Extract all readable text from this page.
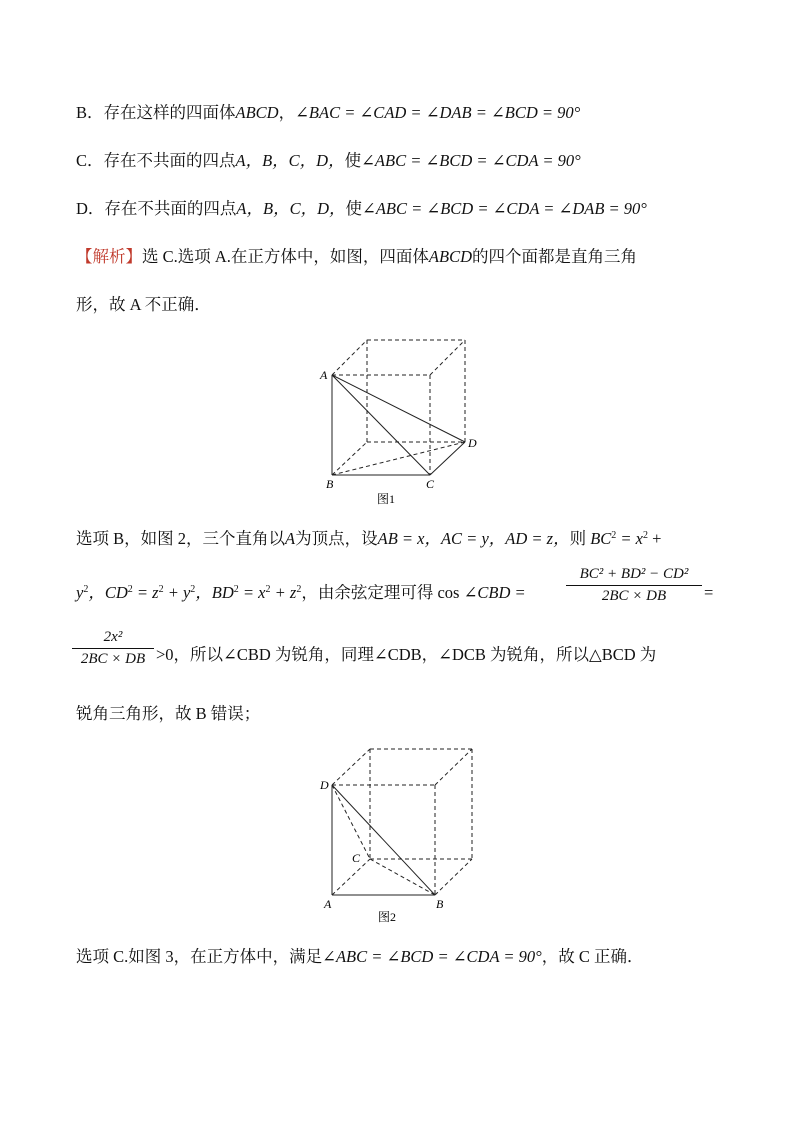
B．存在这样的四面体ABCD，∠BAC = ∠CAD = ∠DAB = ∠BCD = 90°
C．存在不共面的四点A，B，C，D，使∠ABC = ∠BCD = ∠CDA = 90°
D．存在不共面的四点A，B，C，D，使∠ABC = ∠BCD = ∠CDA = ∠DAB = 90°
【解析】选 C.选项 A.在正方体中，如图，四面体ABCD的四个面都是直角三角
形，故 A 不正确．
A
B	C
D
图1
选项 B，如图 2，三个直角以A为顶点，设AB = x，AC = y，AD = z，则 $BC^2 = x^2$ +
$y^2$，$CD^2 = z^2 + y^2$，$BD^2 = x^2 + z^2$，由余弦定理可得 cos ∠CBD =
BC² + BD² − CD²
2BC × DB	=
2x²
2BC × DB >0，所以∠CBD 为锐角，同理∠CDB，∠DCB 为锐角，所以△BCD 为
锐角三角形，故 B 错误；
D
A	B
C
图2
选项 C.如图 3，在正方体中，满足∠ABC = ∠BCD = ∠CDA = 90°，故 C 正确．
